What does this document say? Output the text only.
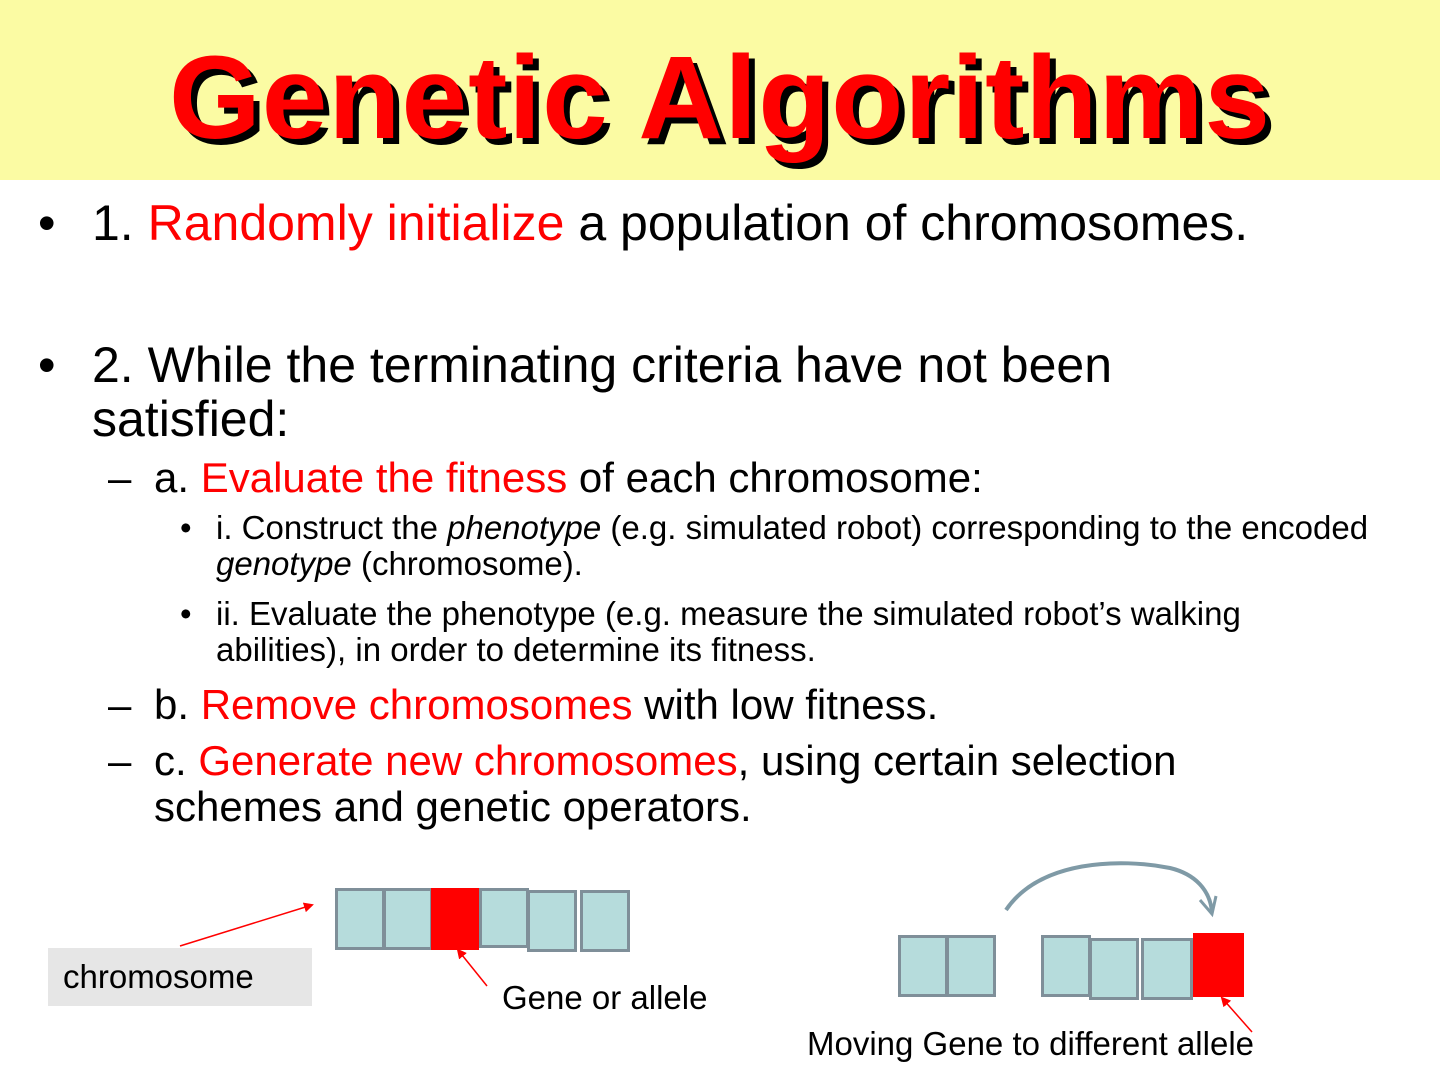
Genetic Algorithms
• 1. Randomly initialize a population of chromosomes.
• 2. While the terminating criteria have not been satisfied:
– a. Evaluate the fitness of each chromosome:
• i. Construct the phenotype (e.g. simulated robot) corresponding to the encoded genotype (chromosome).
• ii. Evaluate the phenotype (e.g. measure the simulated robot’s walking abilities), in order to determine its fitness.
– b. Remove chromosomes with low fitness.
– c. Generate new chromosomes, using certain selection schemes and genetic operators.
chromosome
Gene or allele
Moving Gene to different allele
